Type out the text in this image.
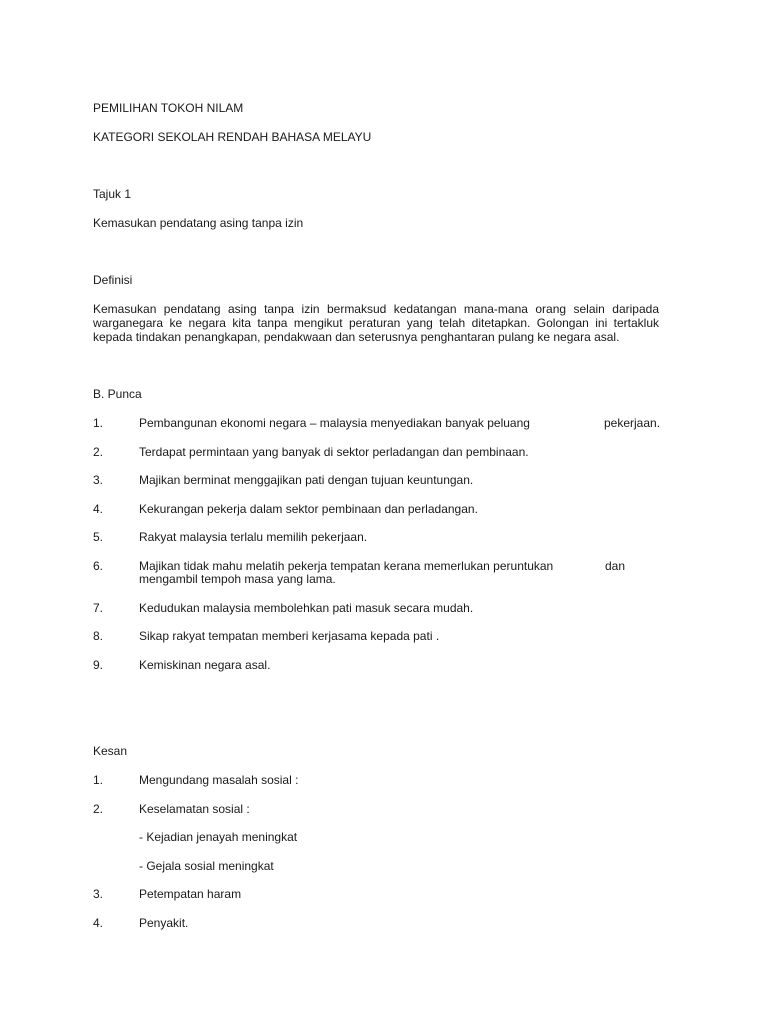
PEMILIHAN TOKOH NILAM
KATEGORI SEKOLAH RENDAH BAHASA MELAYU
Tajuk 1
Kemasukan pendatang asing tanpa izin
Definisi
Kemasukan pendatang asing tanpa izin bermaksud kedatangan mana-mana orang selain daripada warganegara ke negara kita tanpa mengikut peraturan yang telah ditetapkan. Golongan ini tertakluk kepada tindakan penangkapan, pendakwaan dan seterusnya penghantaran pulang ke negara asal.
B. Punca
1.	Pembangunan ekonomi negara – malaysia menyediakan banyak peluang	pekerjaan.
2.	Terdapat permintaan yang banyak di sektor perladangan dan pembinaan.
3.	Majikan berminat menggajikan pati dengan tujuan keuntungan.
4.	Kekurangan pekerja dalam sektor pembinaan dan perladangan.
5.	Rakyat malaysia terlalu memilih pekerjaan.
6.	Majikan tidak mahu melatih pekerja tempatan kerana memerlukan peruntukan	dan
mengambil tempoh masa yang lama.
7.	Kedudukan malaysia membolehkan pati masuk secara mudah.
8.	Sikap rakyat tempatan memberi kerjasama kepada pati .
9.	Kemiskinan negara asal.
Kesan
1.	Mengundang masalah sosial :
2.	Keselamatan sosial :
- Kejadian jenayah meningkat
- Gejala sosial meningkat
3.	Petempatan haram
4.	Penyakit.
